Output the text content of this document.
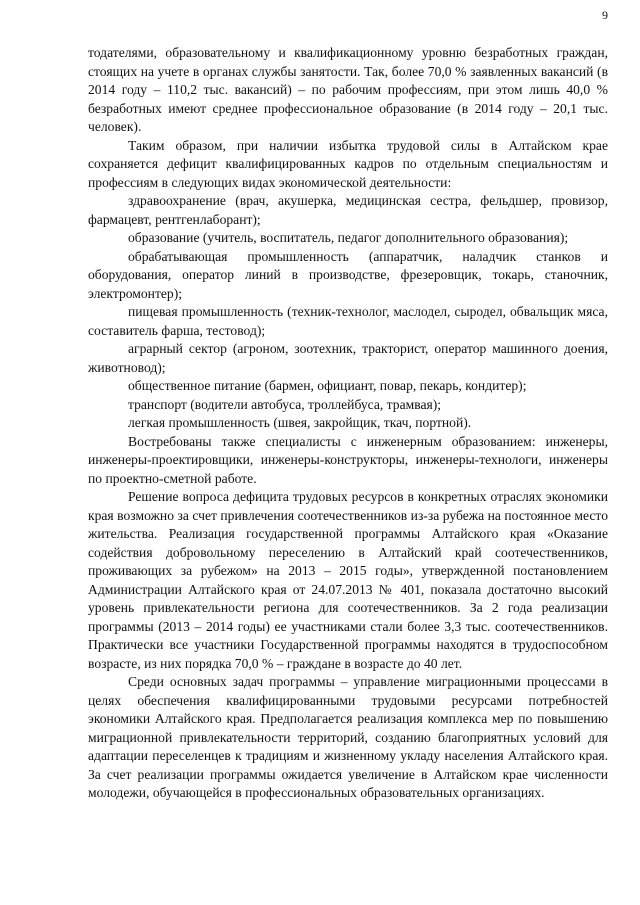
9

тодателями, образовательному и квалификационному уровню безработных граждан, стоящих на учете в органах службы занятости. Так, более 70,0 % заявленных вакансий (в 2014 году – 110,2 тыс. вакансий) – по рабочим профессиям, при этом лишь 40,0 % безработных имеют среднее профессиональное образование (в 2014 году – 20,1 тыс. человек).

Таким образом, при наличии избытка трудовой силы в Алтайском крае сохраняется дефицит квалифицированных кадров по отдельным специальностям и профессиям в следующих видах экономической деятельности:

здравоохранение (врач, акушерка, медицинская сестра, фельдшер, провизор, фармацевт, рентгенлаборант);

образование (учитель, воспитатель, педагог дополнительного образования);

обрабатывающая промышленность (аппаратчик, наладчик станков и оборудования, оператор линий в производстве, фрезеровщик, токарь, станочник, электромонтер);

пищевая промышленность (техник-технолог, маслодел, сыродел, обвальщик мяса, составитель фарша, тестовод);

аграрный сектор (агроном, зоотехник, тракторист, оператор машинного доения, животновод);

общественное питание (бармен, официант, повар, пекарь, кондитер);

транспорт (водители автобуса, троллейбуса, трамвая);

легкая промышленность (швея, закройщик, ткач, портной).

Востребованы также специалисты с инженерным образованием: инженеры, инженеры-проектировщики, инженеры-конструкторы, инженеры-технологи, инженеры по проектно-сметной работе.

Решение вопроса дефицита трудовых ресурсов в конкретных отраслях экономики края возможно за счет привлечения соотечественников из-за рубежа на постоянное место жительства. Реализация государственной программы Алтайского края «Оказание содействия добровольному переселению в Алтайский край соотечественников, проживающих за рубежом» на 2013 – 2015 годы», утвержденной постановлением Администрации Алтайского края от 24.07.2013 № 401, показала достаточно высокий уровень привлекательности региона для соотечественников. За 2 года реализации программы (2013 – 2014 годы) ее участниками стали более 3,3 тыс. соотечественников. Практически все участники Государственной программы находятся в трудоспособном возрасте, из них порядка 70,0 % – граждане в возрасте до 40 лет.

Среди основных задач программы – управление миграционными процессами в целях обеспечения квалифицированными трудовыми ресурсами потребностей экономики Алтайского края. Предполагается реализация комплекса мер по повышению миграционной привлекательности территорий, созданию благоприятных условий для адаптации переселенцев к традициям и жизненному укладу населения Алтайского края. За счет реализации программы ожидается увеличение в Алтайском крае численности молодежи, обучающейся в профессиональных образовательных организациях.
